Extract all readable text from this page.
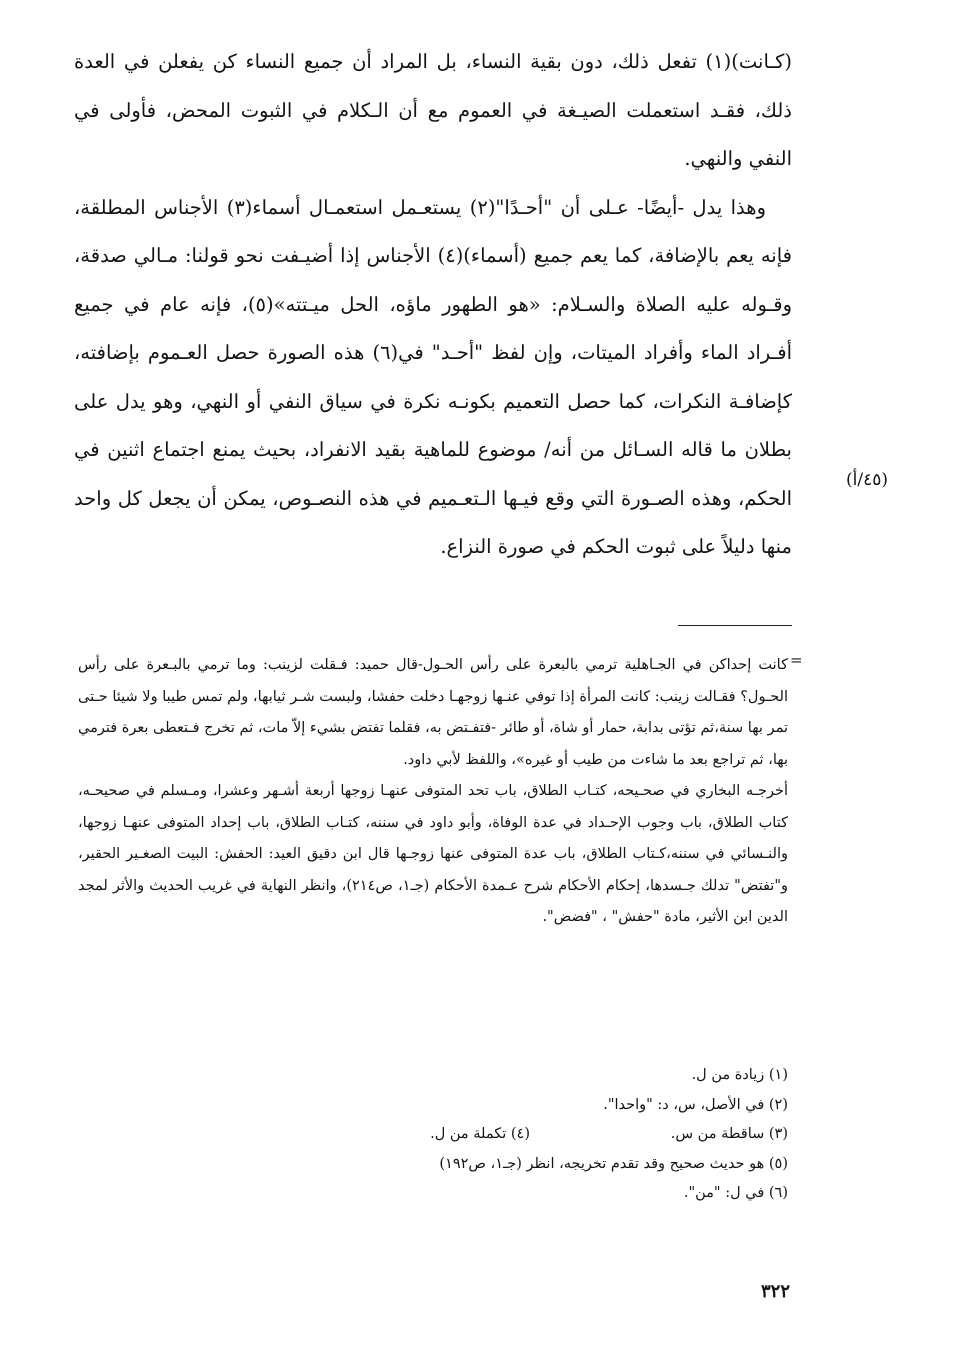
(كـانت)(١) تفعل ذلك، دون بقية النساء، بل المراد أن جميع النساء كن يفعلن في العدة ذلك، فقـد استعملت الصيـغة في العموم مع أن الـكلام في الثبوت المحض، فأولى في النفي والنهي.

وهذا يدل -أيضًا- عـلى أن "أحـدًا"(٢) يستعـمل استعمـال أسماء(٣) الأجناس المطلقة، فإنه يعم بالإضافة، كما يعم جميع (أسماء)(٤) الأجناس إذا أضيـفت نحو قولنا: مـالي صدقة، وقـوله عليه الصلاة والسـلام: «هو الطهور ماؤه، الحل ميـتته»(٥)، فإنه عام في جميع أفـراد الماء وأفراد الميتات، وإن لفظ "أحـد" في(٦) هذه الصورة حصل العـموم بإضافته، كإضافـة النكرات، كما حصل التعميم بكونـه نكرة في سياق النفي أو النهي، وهو يدل على بطلان ما قاله السـائل من أنه/ موضوع للماهية بقيد الانفراد، بحيث يمنع اجتماع اثنين في الحكم، وهذه الصـورة التي وقع فيـها الـتعـميم في هذه النصـوص، يمكن أن يجعل كل واحد منها دليلاً على ثبوت الحكم في صورة النزاع.

(٤٥/أ)
=

كانت إحداكن في الجـاهلية ترمي بالبعرة على رأس الحـول-قال حميد: فـقلت لزينب: وما ترمي بالبـعرة على رأس الحـول؟ فقـالت زينب: كانت المرأة إذا توفي عنـها زوجهـا دخلت حفشا، ولبست شـر ثيابها، ولم تمس طيبا ولا شيئا حـتى تمر بها سنة،ثم تؤتى بدابة، حمار أو شاة، أو طائر -فتفـتض به، فقلما تفتض بشيء إلاّ مات، ثم تخرج فـتعطى بعرة فترمي بها، ثم تراجع بعد ما شاءت من طيب أو غيره»، واللفظ لأبي داود.

أخرجـه البخاري في صحـيحه، كتـاب الطلاق، باب تحد المتوفى عنهـا زوجها أربعة أشـهر وعشرا، ومـسلم في صحيحـه، كتاب الطلاق، باب وجوب الإحـداد في عدة الوفاة، وأبو داود في سننه، كتـاب الطلاق، باب إحداد المتوفى عنهـا زوجها، والنـسائي في سننه،كـتاب الطلاق، باب عدة المتوفى عنها زوجـها قال ابن دقيق العيد: الحفش: البيت الصغـير الحقير، و"تفتض" تدلك جـسدها، إحكام الأحكام شرح عـمدة الأحكام (جـ١، ص٢١٤)، وانظر النهاية في غريب الحديث والأثر لمجد الدين ابن الأثير، مادة "حفش" ، "فضض".

(١) زيادة من ل.
(٢) في الأصل، س، د: "واحدا".
(٣) ساقطة من س.
(٤) تكملة من ل.
(٥) هو حديث صحيح وقد تقدم تخريجه، انظر (جـ١، ص١٩٢)
(٦) في ل: "من".
٣٢٢
